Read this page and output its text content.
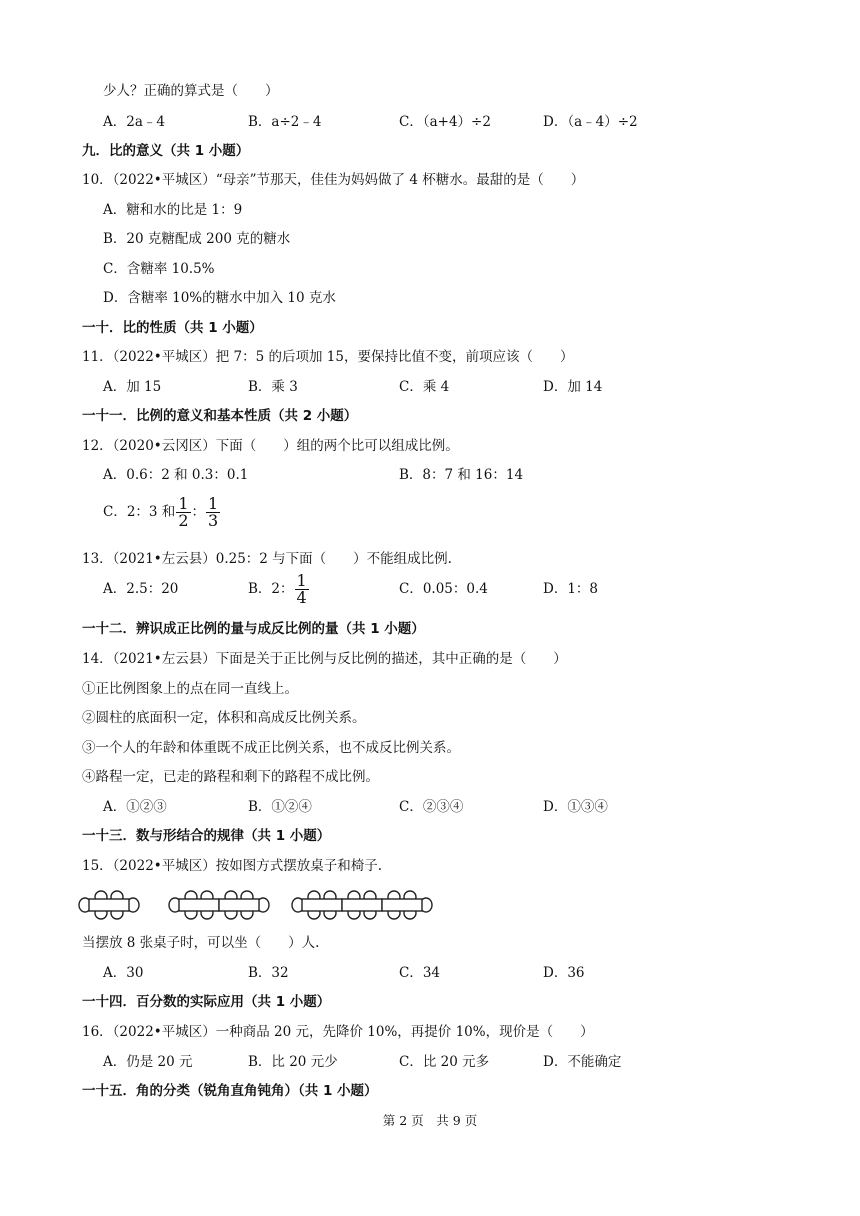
少人？正确的算式是（　　）
A．2a﹣4	B．a÷2﹣4	C．（a+4）÷2	D．（a﹣4）÷2
九．比的意义（共 1 小题）
10．（2022•平城区）“母亲”节那天，佳佳为妈妈做了 4 杯糖水。最甜的是（　　）
A．糖和水的比是 1：9
B．20 克糖配成 200 克的糖水
C．含糖率 10.5%
D．含糖率 10%的糖水中加入 10 克水
一十．比的性质（共 1 小题）
11．（2022•平城区）把 7：5 的后项加 15，要保持比值不变，前项应该（　　）
A．加 15	B．乘 3	C．乘 4	D．加 14
一十一．比例的意义和基本性质（共 2 小题）
12．（2020•云冈区）下面（　　）组的两个比可以组成比例。
A．0.6：2 和 0.3：0.1	B．8：7 和 16：14
C．2：3 和 $\frac{1}{2}$ ： $\frac{1}{3}$
13．（2021•左云县）0.25：2 与下面（　　）不能组成比例.
A．2.5：20	B．2： $\frac{1}{4}$	C．0.05：0.4	D．1：8
一十二．辨识成正比例的量与成反比例的量（共 1 小题）
14．（2021•左云县）下面是关于正比例与反比例的描述，其中正确的是（　　）
①正比例图象上的点在同一直线上。
②圆柱的底面积一定，体积和高成反比例关系。
③一个人的年龄和体重既不成正比例关系，也不成反比例关系。
④路程一定，已走的路程和剩下的路程不成比例。
A．①②③	B．①②④	C．②③④	D．①③④
一十三．数与形结合的规律（共 1 小题）
15．（2022•平城区）按如图方式摆放桌子和椅子.
当摆放 8 张桌子时，可以坐（　　）人.
A．30	B．32	C．34	D．36
一十四．百分数的实际应用（共 1 小题）
16．（2022•平城区）一种商品 20 元，先降价 10%，再提价 10%，现价是（　　）
A．仍是 20 元	B．比 20 元少	C．比 20 元多	D．不能确定
一十五．角的分类（锐角直角钝角）（共 1 小题）
第 2 页　共 9 页
